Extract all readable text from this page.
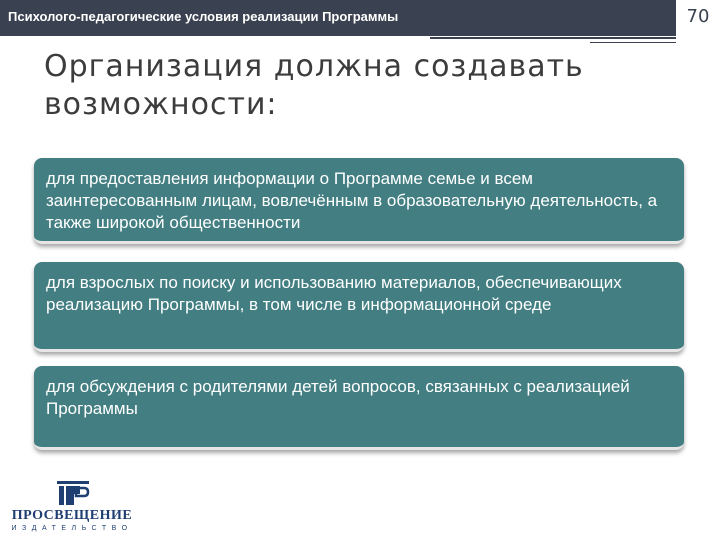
Психолого-педагогические условия реализации Программы	70
Организация должна создавать возможности:
для предоставления информации о Программе семье и всем заинтересованным лицам, вовлечённым в образовательную деятельность, а также широкой общественности
для взрослых по поиску и использованию материалов, обеспечивающих реализацию Программы, в том числе в информационной среде
для обсуждения с родителями детей вопросов, связанных с реализацией Программы
ПРОСВЕЩЕНИЕ
ИЗДАТЕЛЬСТВО
